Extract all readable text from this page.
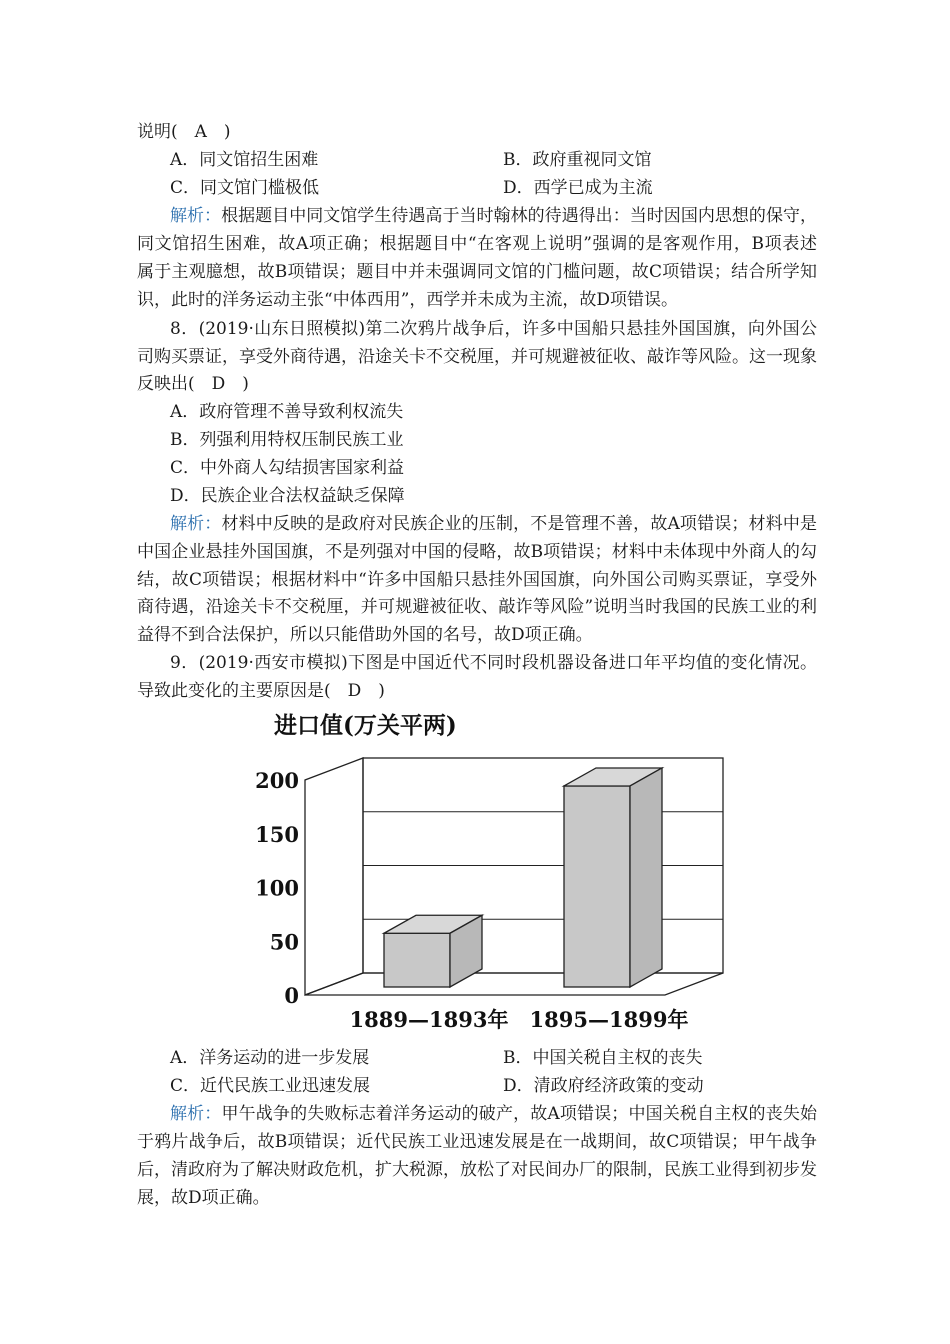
说明(　A　)
A．同文馆招生困难	B．政府重视同文馆
C．同文馆门槛极低	D．西学已成为主流
解析：根据题目中同文馆学生待遇高于当时翰林的待遇得出：当时因国内思想的保守，
同文馆招生困难，故A项正确；根据题目中“在客观上说明”强调的是客观作用，B项表述
属于主观臆想，故B项错误；题目中并未强调同文馆的门槛问题，故C项错误；结合所学知
识，此时的洋务运动主张“中体西用”，西学并未成为主流，故D项错误。
8．(2019·山东日照模拟)第二次鸦片战争后，许多中国船只悬挂外国国旗，向外国公
司购买票证，享受外商待遇，沿途关卡不交税厘，并可规避被征收、敲诈等风险。这一现象
反映出(　D　)
A．政府管理不善导致利权流失
B．列强利用特权压制民族工业
C．中外商人勾结损害国家利益
D．民族企业合法权益缺乏保障
解析：材料中反映的是政府对民族企业的压制，不是管理不善，故A项错误；材料中是
中国企业悬挂外国国旗，不是列强对中国的侵略，故B项错误；材料中未体现中外商人的勾
结，故C项错误；根据材料中“许多中国船只悬挂外国国旗，向外国公司购买票证，享受外
商待遇，沿途关卡不交税厘，并可规避被征收、敲诈等风险”说明当时我国的民族工业的利
益得不到合法保护，所以只能借助外国的名号，故D项正确。
9．(2019·西安市模拟)下图是中国近代不同时段机器设备进口年平均值的变化情况。
导致此变化的主要原因是(　D　)
进口值(万关平两)
0
50
100
150
200
1889—1893年 1895—1899年
A．洋务运动的进一步发展	B．中国关税自主权的丧失
C．近代民族工业迅速发展	D．清政府经济政策的变动
解析：甲午战争的失败标志着洋务运动的破产，故A项错误；中国关税自主权的丧失始
于鸦片战争后，故B项错误；近代民族工业迅速发展是在一战期间，故C项错误；甲午战争
后，清政府为了解决财政危机，扩大税源，放松了对民间办厂的限制，民族工业得到初步发
展，故D项正确。
